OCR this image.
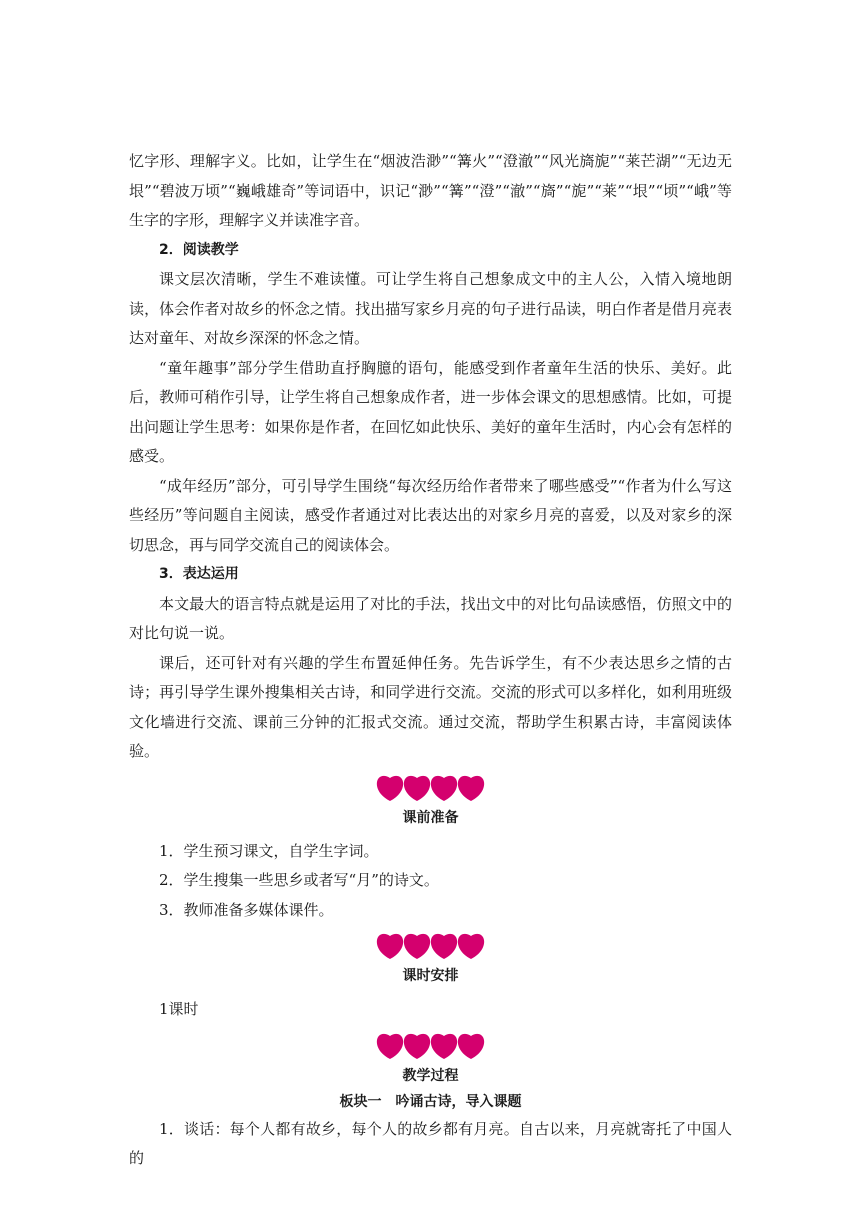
忆字形、理解字义。比如，让学生在“烟波浩渺”“篝火”“澄澈”“风光旖旎”“莱芒湖”“无边无垠”“碧波万顷”“巍峨雄奇”等词语中，识记“渺”“篝”“澄”“澈”“旖”“旎”“莱”“垠”“顷”“峨”等生字的字形，理解字义并读准字音。

2．阅读教学

课文层次清晰，学生不难读懂。可让学生将自己想象成文中的主人公，入情入境地朗读，体会作者对故乡的怀念之情。找出描写家乡月亮的句子进行品读，明白作者是借月亮表达对童年、对故乡深深的怀念之情。

“童年趣事”部分学生借助直抒胸臆的语句，能感受到作者童年生活的快乐、美好。此后，教师可稍作引导，让学生将自己想象成作者，进一步体会课文的思想感情。比如，可提出问题让学生思考：如果你是作者，在回忆如此快乐、美好的童年生活时，内心会有怎样的感受。

“成年经历”部分，可引导学生围绕“每次经历给作者带来了哪些感受”“作者为什么写这些经历”等问题自主阅读，感受作者通过对比表达出的对家乡月亮的喜爱，以及对家乡的深切思念，再与同学交流自己的阅读体会。

3．表达运用

本文最大的语言特点就是运用了对比的手法，找出文中的对比句品读感悟，仿照文中的对比句说一说。

课后，还可针对有兴趣的学生布置延伸任务。先告诉学生，有不少表达思乡之情的古诗；再引导学生课外搜集相关古诗，和同学进行交流。交流的形式可以多样化，如利用班级文化墙进行交流、课前三分钟的汇报式交流。通过交流，帮助学生积累古诗，丰富阅读体验。

课前准备

1．学生预习课文，自学生字词。

2．学生搜集一些思乡或者写“月”的诗文。

3．教师准备多媒体课件。

课时安排

1课时

教学过程

板块一　吟诵古诗，导入课题

1．谈话：每个人都有故乡，每个人的故乡都有月亮。自古以来，月亮就寄托了中国人的
